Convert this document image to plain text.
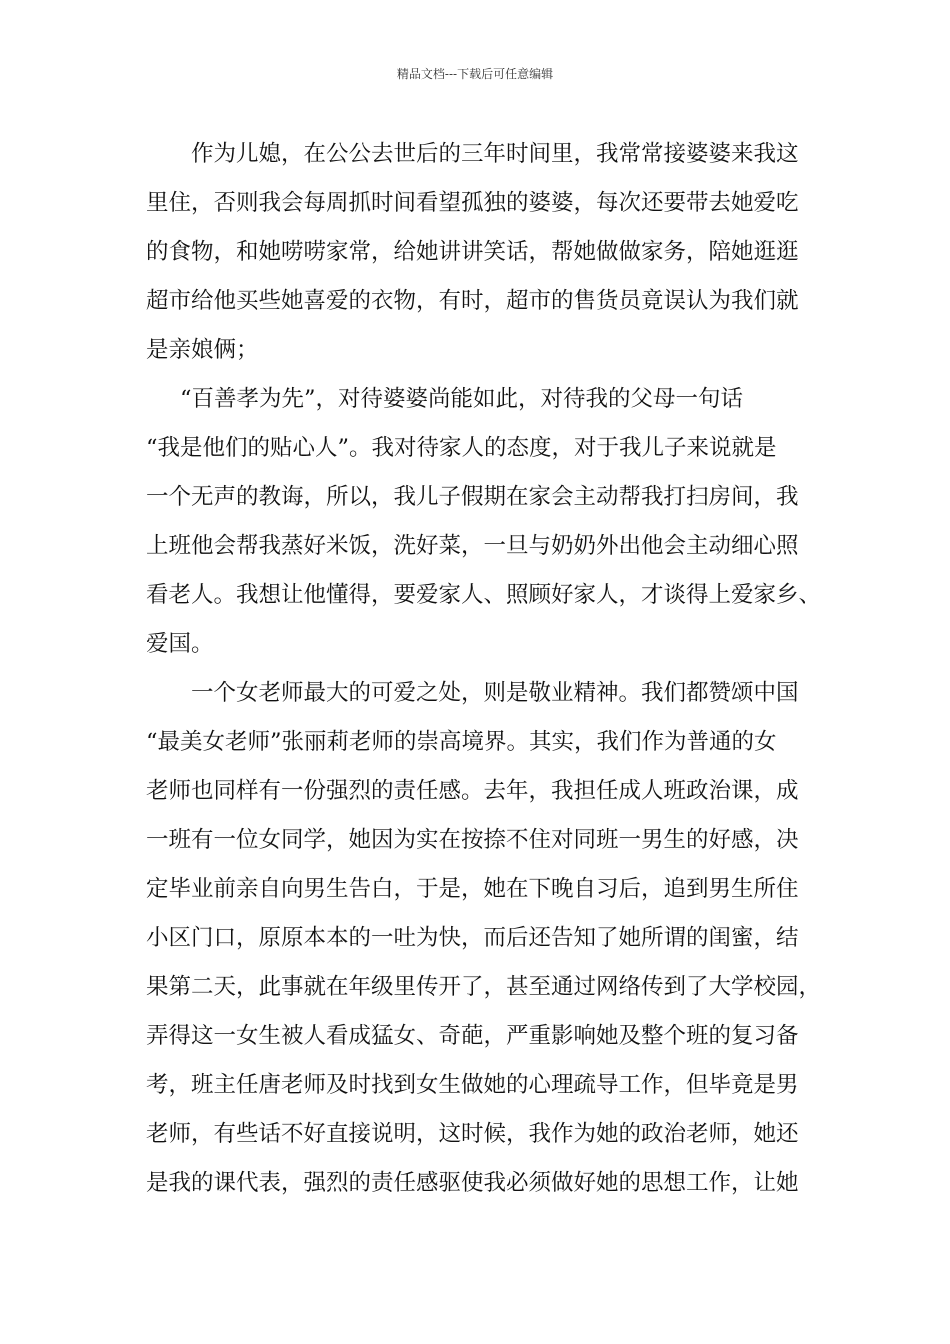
精品文档---下载后可任意编辑
作为儿媳，在公公去世后的三年时间里，我常常接婆婆来我这
里住，否则我会每周抓时间看望孤独的婆婆，每次还要带去她爱吃
的食物，和她唠唠家常，给她讲讲笑话，帮她做做家务，陪她逛逛
超市给他买些她喜爱的衣物，有时，超市的售货员竟误认为我们就
是亲娘俩；
“百善孝为先”，对待婆婆尚能如此，对待我的父母一句话
“我是他们的贴心人”。我对待家人的态度，对于我儿子来说就是
一个无声的教诲，所以，我儿子假期在家会主动帮我打扫房间，我
上班他会帮我蒸好米饭，洗好菜，一旦与奶奶外出他会主动细心照
看老人。我想让他懂得，要爱家人、照顾好家人，才谈得上爱家乡、
爱国。
一个女老师最大的可爱之处，则是敬业精神。我们都赞颂中国
“最美女老师”张丽莉老师的崇高境界。其实，我们作为普通的女
老师也同样有一份强烈的责任感。去年，我担任成人班政治课，成
一班有一位女同学，她因为实在按捺不住对同班一男生的好感，决
定毕业前亲自向男生告白，于是，她在下晚自习后，追到男生所住
小区门口，原原本本的一吐为快，而后还告知了她所谓的闺蜜，结
果第二天，此事就在年级里传开了，甚至通过网络传到了大学校园，
弄得这一女生被人看成猛女、奇葩，严重影响她及整个班的复习备
考，班主任唐老师及时找到女生做她的心理疏导工作，但毕竟是男
老师，有些话不好直接说明，这时候，我作为她的政治老师，她还
是我的课代表，强烈的责任感驱使我必须做好她的思想工作，让她
